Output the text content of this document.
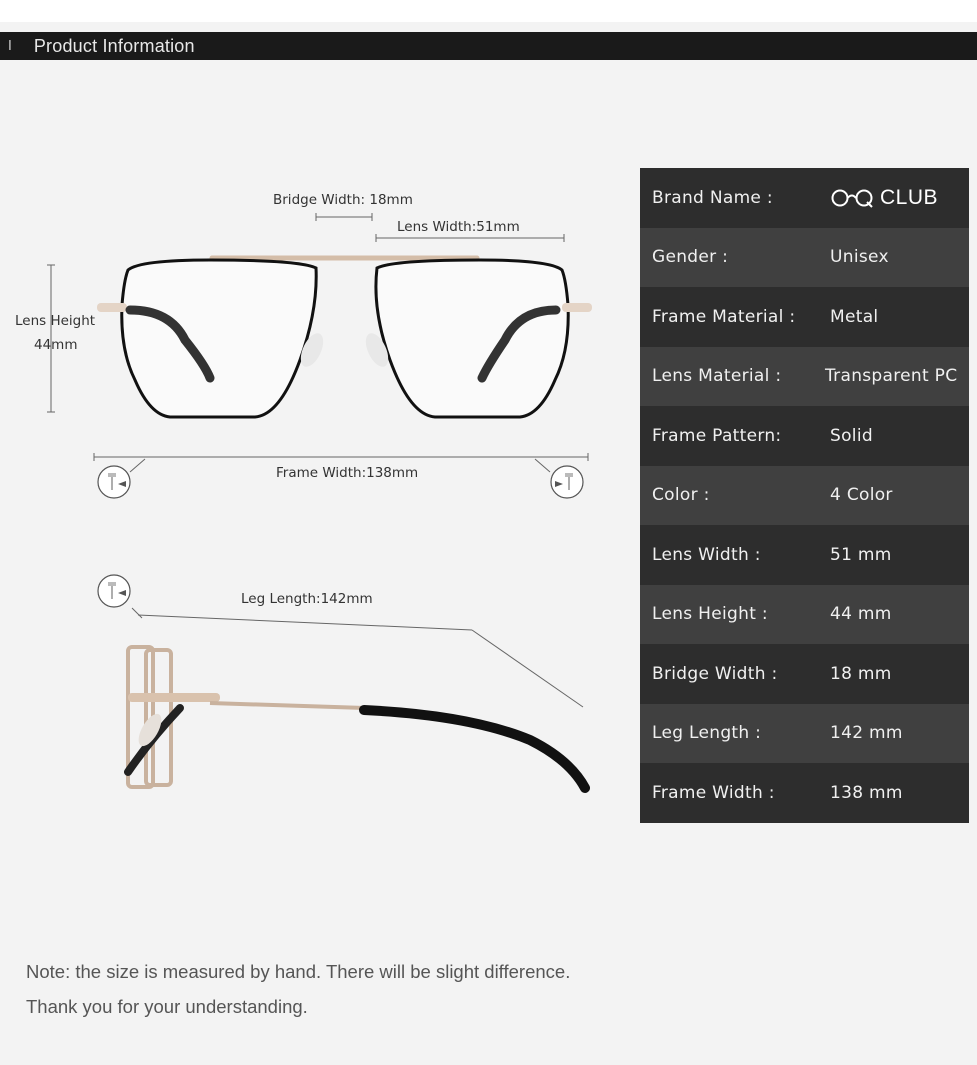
I Product Information
Bridge Width: 18mm
Lens Width:51mm
Lens Height
44mm
Frame Width:138mm
Leg Length:142mm
Brand Name :	CLUB
Gender :	Unisex
Frame Material :	Metal
Lens Material :	Transparent PC
Frame Pattern:	Solid
Color :	4 Color
Lens Width :	51 mm
Lens Height :	44 mm
Bridge Width :	18 mm
Leg Length :	142 mm
Frame Width :	138 mm
Note: the size is measured by hand. There will be slight difference.
Thank you for your understanding.
